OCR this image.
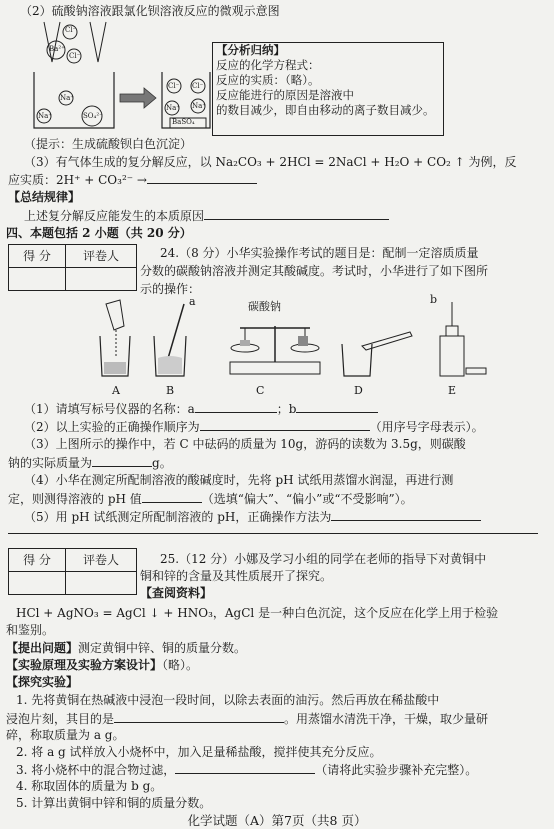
（2）硫酸钠溶液跟氯化钡溶液反应的微观示意图
Cl⁻
Ba²⁺
Cl⁻
Na⁺
Na⁺	SO₄²⁻
Cl⁻ Cl⁻
Na⁺ Na⁺
BaSO₄
【分析归纳】
反应的化学方程式：
反应的实质：（略）。
反应能进行的原因是溶液中
的数目减少，即自由移动的离子数目减少。
（提示：生成硫酸钡白色沉淀）
（3）有气体生成的复分解反应，以 Na₂CO₃ + 2HCl = 2NaCl + H₂O + CO₂ ↑ 为例，反
应实质：2H⁺ + CO₃²⁻ →
【总结规律】
上述复分解反应能发生的本质原因
四、本题包括 2 小题（共 20 分）
得 分	评卷人	24.（8 分）小华实验操作考试的题目是：配制一定溶质质量
分数的碳酸钠溶液并测定其酸碱度。考试时，小华进行了如下图所
示的操作：
a	b
碳酸钠
A	B	C	D	E
（1）请填写标号仪器的名称：a	；b
（2）以上实验的正确操作顺序为	（用序号字母表示）。
（3）上图所示的操作中，若 C 中砝码的质量为 10g，游码的读数为 3.5g，则碳酸
钠的实际质量为	g。
（4）小华在测定所配制溶液的酸碱度时，先将 pH 试纸用蒸馏水润湿，再进行测
定，则测得溶液的 pH 值	（选填“偏大”、“偏小”或“不受影响”）。
（5）用 pH 试纸测定所配制溶液的 pH，正确操作方法为
得 分	评卷人	25.（12 分）小娜及学习小组的同学在老师的指导下对黄铜中
铜和锌的含量及其性质展开了探究。
【查阅资料】
HCl + AgNO₃ = AgCl ↓ + HNO₃，AgCl 是一种白色沉淀，这个反应在化学上用于检验
和鉴别。
【提出问题】测定黄铜中锌、铜的质量分数。
【实验原理及实验方案设计】（略）。
【探究实验】
1. 先将黄铜在热碱液中浸泡一段时间，以除去表面的油污。然后再放在稀盐酸中
浸泡片刻，其目的是	。用蒸馏水清洗干净，干燥，取少量研
碎，称取质量为 a g。
2. 将 a g 试样放入小烧杯中，加入足量稀盐酸，搅拌使其充分反应。
3. 将小烧杯中的混合物过滤，	（请将此实验步骤补充完整）。
4. 称取固体的质量为 b g。
5. 计算出黄铜中锌和铜的质量分数。
化学试题（A）第7页（共8 页）
